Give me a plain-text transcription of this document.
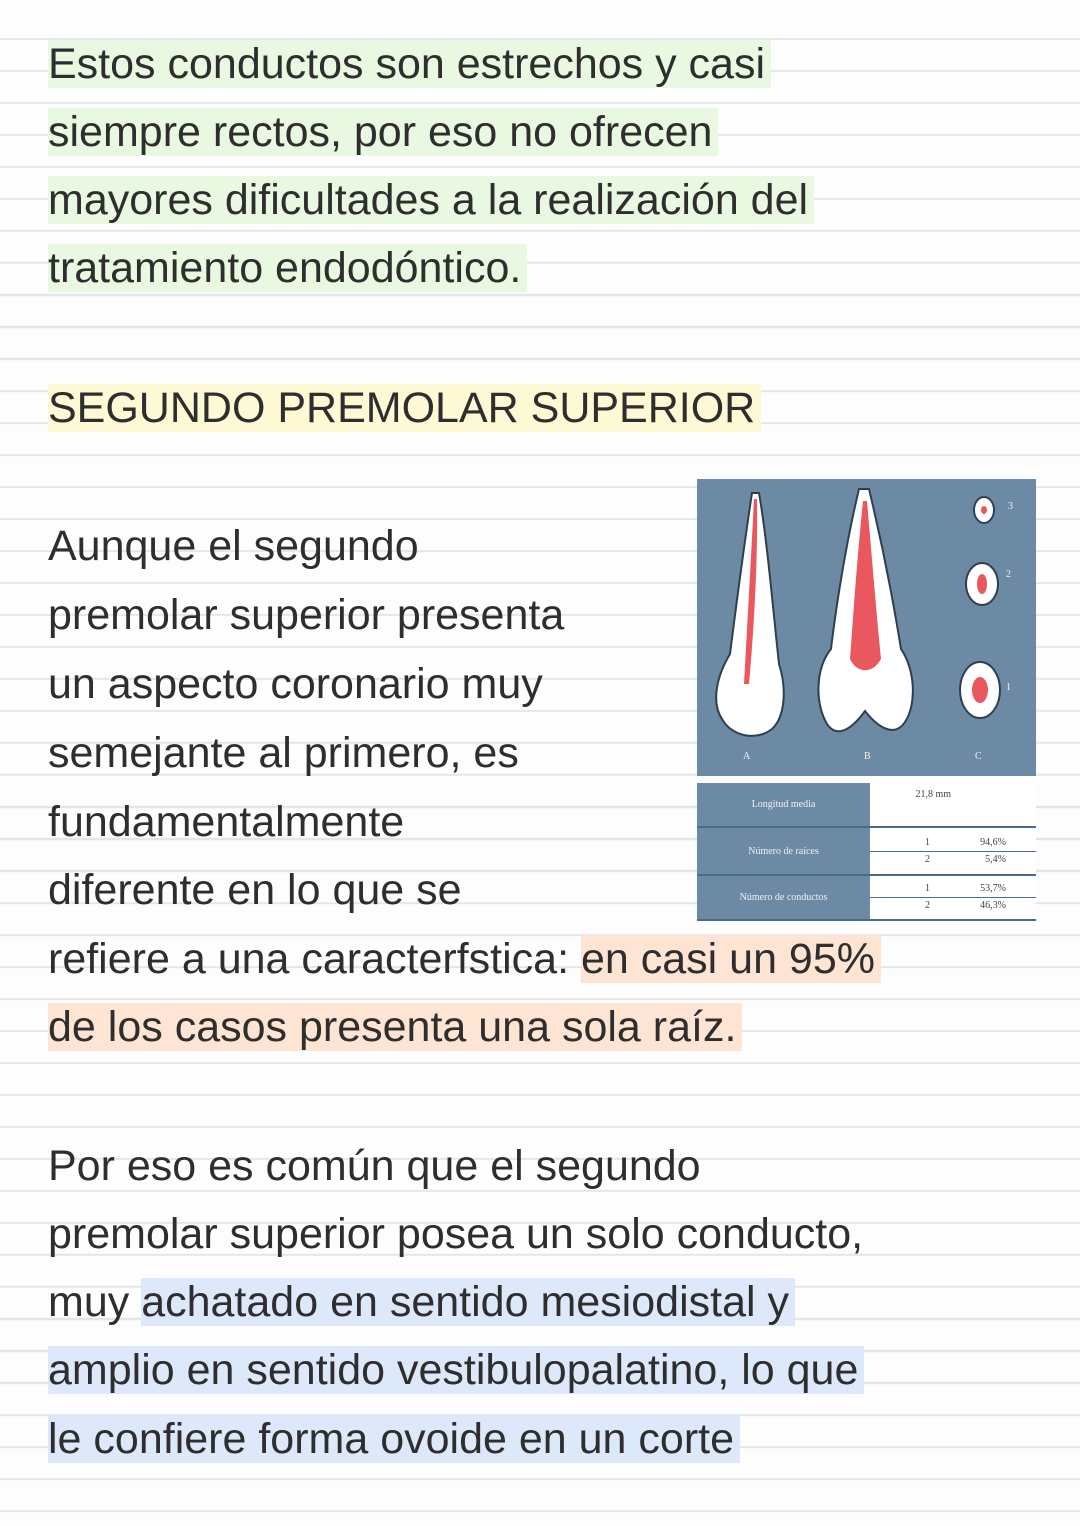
Estos conductos son estrechos y casi

siempre rectos, por eso no ofrecen

mayores dificultades a la realización del

tratamiento endodóntico.

SEGUNDO PREMOLAR SUPERIOR

Aunque el segundo

premolar superior presenta

un aspecto coronario muy

semejante al primero, es

fundamentalmente

diferente en lo que se

refiere a una caracterfstica: en casi un 95%

de los casos presenta una sola raíz.

Por eso es común que el segundo

premolar superior posea un solo conducto,

muy achatado en sentido mesiodistal y

amplio en sentido vestibulopalatino, lo que

le confiere forma ovoide en un corte

A	B	C
3
2
1
Longitud media	21,8 mm
Número de raíces	1 94,6%
2 5,4%

Número de conductos	1 53,7%
2 46,3%
